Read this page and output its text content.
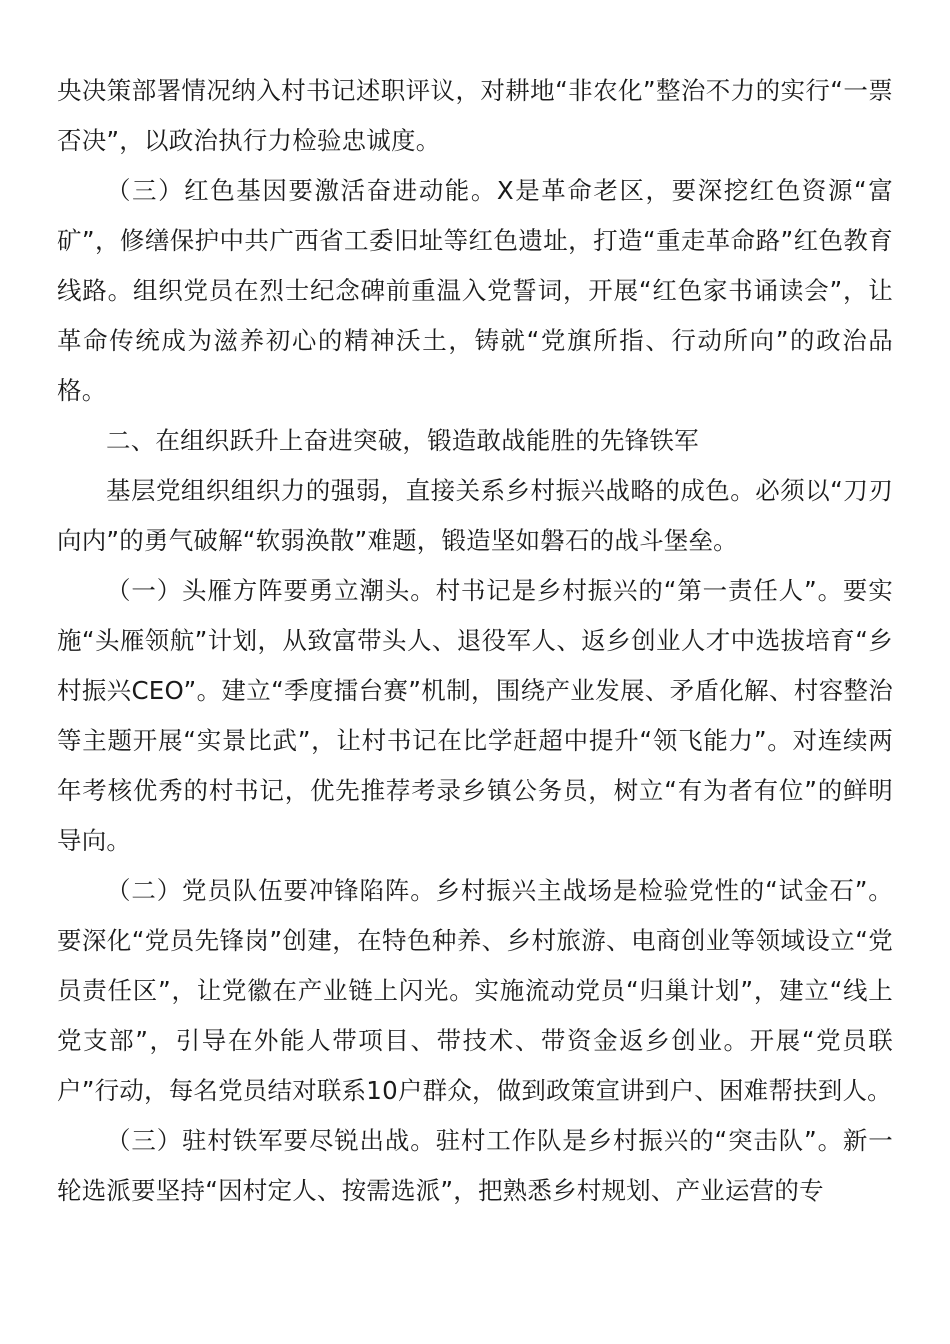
央决策部署情况纳入村书记述职评议，对耕地“非农化”整治不力的实行“一票否决”，以政治执行力检验忠诚度。

（三）红色基因要激活奋进动能。X是革命老区，要深挖红色资源“富矿”，修缮保护中共广西省工委旧址等红色遗址，打造“重走革命路”红色教育线路。组织党员在烈士纪念碑前重温入党誓词，开展“红色家书诵读会”，让革命传统成为滋养初心的精神沃土，铸就“党旗所指、行动所向”的政治品格。

二、在组织跃升上奋进突破，锻造敢战能胜的先锋铁军

基层党组织组织力的强弱，直接关系乡村振兴战略的成色。必须以“刀刃向内”的勇气破解“软弱涣散”难题，锻造坚如磐石的战斗堡垒。

（一）头雁方阵要勇立潮头。村书记是乡村振兴的“第一责任人”。要实施“头雁领航”计划，从致富带头人、退役军人、返乡创业人才中选拔培育“乡村振兴CEO”。建立“季度擂台赛”机制，围绕产业发展、矛盾化解、村容整治等主题开展“实景比武”，让村书记在比学赶超中提升“领飞能力”。对连续两年考核优秀的村书记，优先推荐考录乡镇公务员，树立“有为者有位”的鲜明导向。

（二）党员队伍要冲锋陷阵。乡村振兴主战场是检验党性的“试金石”。要深化“党员先锋岗”创建，在特色种养、乡村旅游、电商创业等领域设立“党员责任区”，让党徽在产业链上闪光。实施流动党员“归巢计划”，建立“线上党支部”，引导在外能人带项目、带技术、带资金返乡创业。开展“党员联户”行动，每名党员结对联系10户群众，做到政策宣讲到户、困难帮扶到人。

（三）驻村铁军要尽锐出战。驻村工作队是乡村振兴的“突击队”。新一轮选派要坚持“因村定人、按需选派”，把熟悉乡村规划、产业运营的专
